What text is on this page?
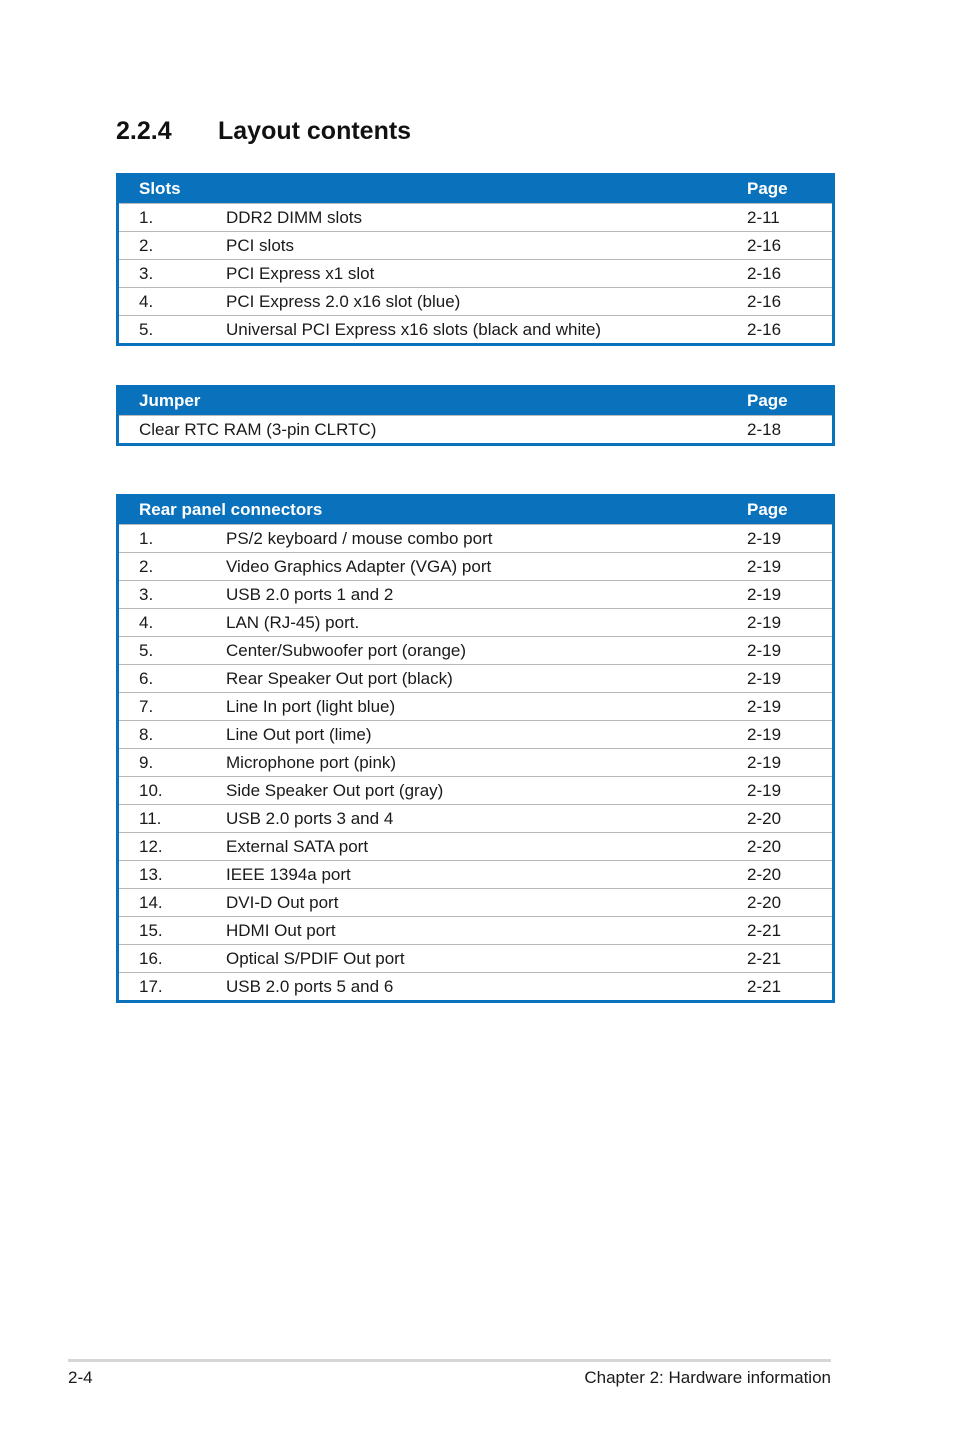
2.2.4 Layout contents
Slots	Page
1.	DDR2 DIMM slots	2-11
2.	PCI slots	2-16
3.	PCI Express x1 slot	2-16
4.	PCI Express 2.0 x16 slot (blue)	2-16
5.	Universal PCI Express x16 slots (black and white)	2-16
Jumper	Page
Clear RTC RAM (3-pin CLRTC)	2-18
Rear panel connectors	Page
1.	PS/2 keyboard / mouse combo port	2-19
2.	Video Graphics Adapter (VGA) port	2-19
3.	USB 2.0 ports 1 and 2	2-19
4.	LAN (RJ-45) port.	2-19
5.	Center/Subwoofer port (orange)	2-19
6.	Rear Speaker Out port (black)	2-19
7.	Line In port (light blue)	2-19
8.	Line Out port (lime)	2-19
9.	Microphone port (pink)	2-19
10.	Side Speaker Out port (gray)	2-19
11.	USB 2.0 ports 3 and 4	2-20
12.	External SATA port	2-20
13.	IEEE 1394a port	2-20
14.	DVI-D Out port	2-20
15.	HDMI Out port	2-21
16.	Optical S/PDIF Out port	2-21
17.	USB 2.0 ports 5 and 6	2-21
2-4	Chapter 2: Hardware information
